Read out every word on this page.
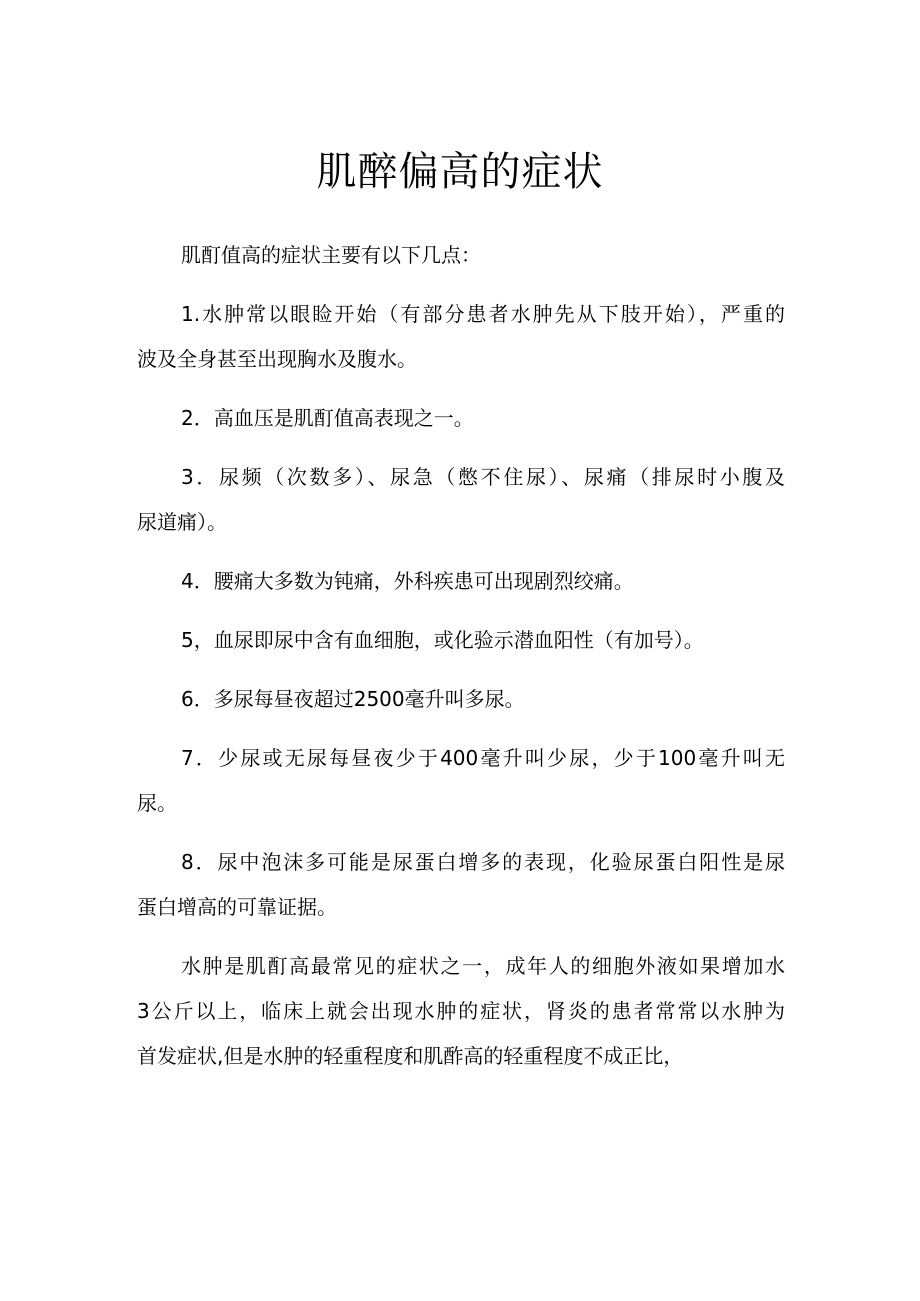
肌醉偏高的症状

肌酊值高的症状主要有以下几点：

1.水肿常以眼睑开始（有部分患者水肿先从下肢开始），严重的
波及全身甚至出现胸水及腹水。

2．高血压是肌酊值高表现之一。

3．尿频（次数多）、尿急（憋不住尿）、尿痛（排尿时小腹及
尿道痛）。

4．腰痛大多数为钝痛，外科疾患可出现剧烈绞痛。

5，血尿即尿中含有血细胞，或化验示潜血阳性（有加号）。

6．多尿每昼夜超过2500毫升叫多尿。

7．少尿或无尿每昼夜少于400毫升叫少尿，少于100毫升叫无
尿。

8．尿中泡沫多可能是尿蛋白增多的表现，化验尿蛋白阳性是尿
蛋白增高的可靠证据。

水肿是肌酊高最常见的症状之一，成年人的细胞外液如果增加水
3公斤以上，临床上就会出现水肿的症状，肾炎的患者常常以水肿为
首发症状,但是水肿的轻重程度和肌酢高的轻重程度不成正比，
